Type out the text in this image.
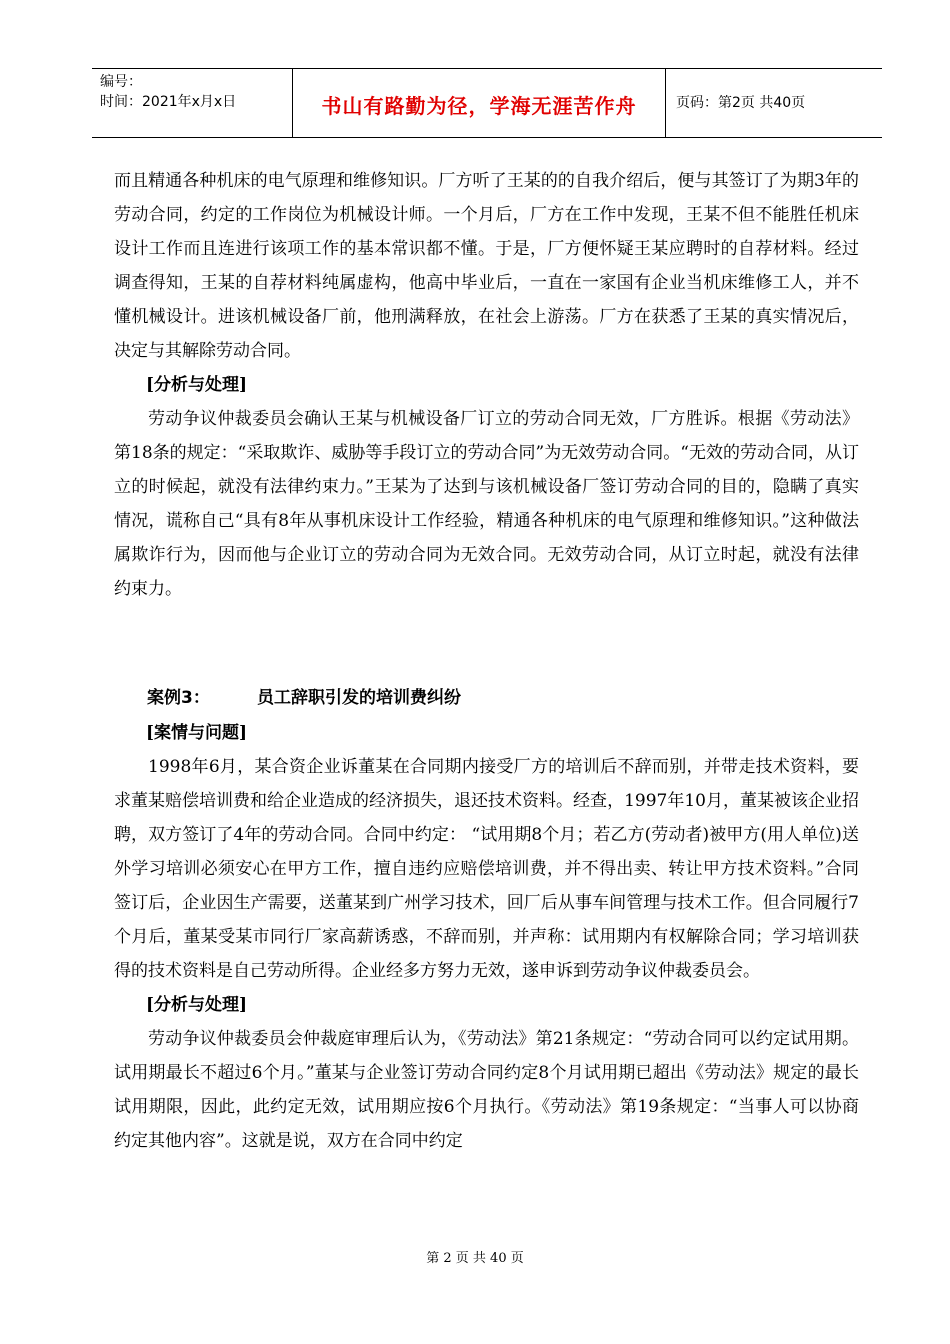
编号：
时间：2021年x月x日	书山有路勤为径，学海无涯苦作舟	页码：第2页 共40页

而且精通各种机床的电气原理和维修知识。厂方听了王某的的自我介绍后，便与其签订了为期3年的劳动合同，约定的工作岗位为机械设计师。一个月后，厂方在工作中发现，王某不但不能胜任机床设计工作而且连进行该项工作的基本常识都不懂。于是，厂方便怀疑王某应聘时的自荐材料。经过调查得知，王某的自荐材料纯属虚构，他高中毕业后，一直在一家国有企业当机床维修工人，并不懂机械设计。进该机械设备厂前，他刑满释放，在社会上游荡。厂方在获悉了王某的真实情况后，决定与其解除劳动合同。

[分析与处理]

劳动争议仲裁委员会确认王某与机械设备厂订立的劳动合同无效，厂方胜诉。根据《劳动法》第18条的规定：“采取欺诈、威胁等手段订立的劳动合同”为无效劳动合同。“无效的劳动合同，从订立的时候起，就没有法律约束力。”王某为了达到与该机械设备厂签订劳动合同的目的，隐瞒了真实情况，谎称自己“具有8年从事机床设计工作经验，精通各种机床的电气原理和维修知识。”这种做法属欺诈行为，因而他与企业订立的劳动合同为无效合同。无效劳动合同，从订立时起，就没有法律约束力。

案例3：	员工辞职引发的培训费纠纷

[案情与问题]

1998年6月，某合资企业诉董某在合同期内接受厂方的培训后不辞而别，并带走技术资料，要求董某赔偿培训费和给企业造成的经济损失，退还技术资料。经查，1997年10月，董某被该企业招聘，双方签订了4年的劳动合同。合同中约定： “试用期8个月；若乙方(劳动者)被甲方(用人单位)送外学习培训必须安心在甲方工作，擅自违约应赔偿培训费，并不得出卖、转让甲方技术资料。”合同签订后，企业因生产需要，送董某到广州学习技术，回厂后从事车间管理与技术工作。但合同履行7个月后，董某受某市同行厂家高薪诱惑，不辞而别，并声称：试用期内有权解除合同；学习培训获得的技术资料是自己劳动所得。企业经多方努力无效，遂申诉到劳动争议仲裁委员会。

[分析与处理]

劳动争议仲裁委员会仲裁庭审理后认为，《劳动法》第21条规定：“劳动合同可以约定试用期。试用期最长不超过6个月。”董某与企业签订劳动合同约定8个月试用期已超出《劳动法》规定的最长试用期限，因此，此约定无效，试用期应按6个月执行。《劳动法》第19条规定：“当事人可以协商约定其他内容”。这就是说，双方在合同中约定

第 2 页 共 40 页
